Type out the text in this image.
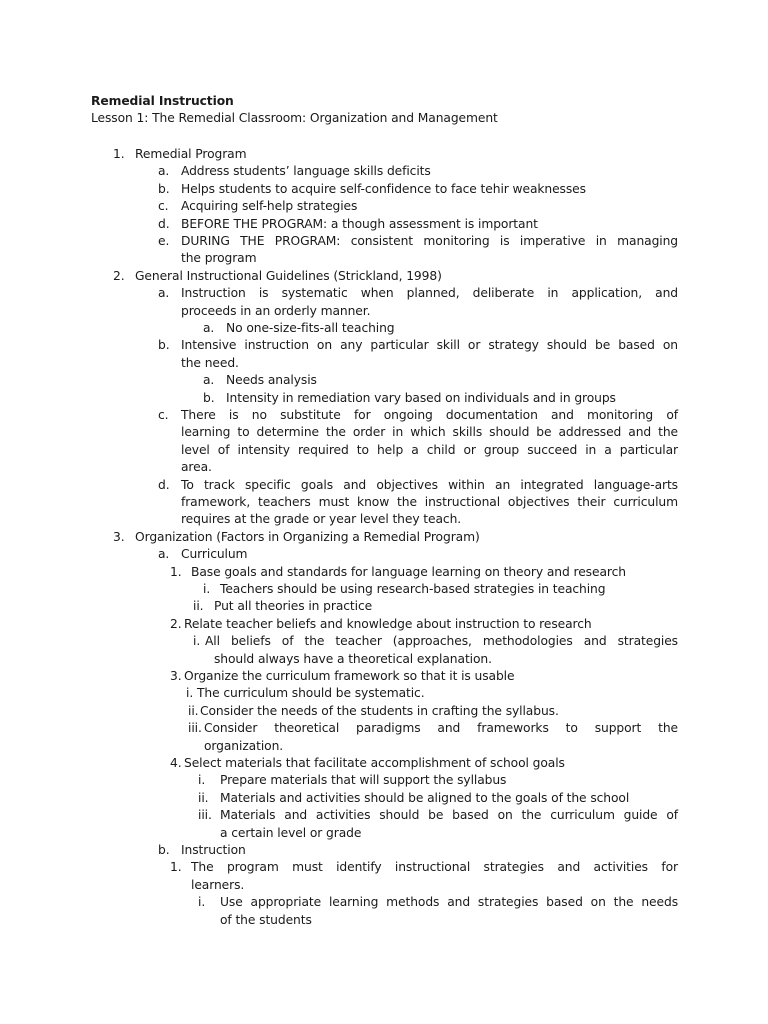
Remedial Instruction
Lesson 1: The Remedial Classroom: Organization and Management
1. Remedial Program
a. Address students’ language skills deficits
b. Helps students to acquire self-confidence to face tehir weaknesses
c. Acquiring self-help strategies
d. BEFORE THE PROGRAM: a though assessment is important
e. DURING THE PROGRAM: consistent monitoring is imperative in managing
the program
2. General Instructional Guidelines (Strickland, 1998)
a. Instruction is systematic when planned, deliberate in application, and
proceeds in an orderly manner.
a. No one-size-fits-all teaching
b. Intensive instruction on any particular skill or strategy should be based on
the need.
a. Needs analysis
b. Intensity in remediation vary based on individuals and in groups
c. There is no substitute for ongoing documentation and monitoring of
learning to determine the order in which skills should be addressed and the
level of intensity required to help a child or group succeed in a particular
area.
d. To track specific goals and objectives within an integrated language-arts
framework, teachers must know the instructional objectives their curriculum
requires at the grade or year level they teach.
3. Organization (Factors in Organizing a Remedial Program)
a. Curriculum
1. Base goals and standards for language learning on theory and research
i. Teachers should be using research-based strategies in teaching
ii. Put all theories in practice
2. Relate teacher beliefs and knowledge about instruction to research
i. All beliefs of the teacher (approaches, methodologies and strategies
should always have a theoretical explanation.
3. Organize the curriculum framework so that it is usable
i. The curriculum should be systematic.
ii. Consider the needs of the students in crafting the syllabus.
iii. Consider theoretical paradigms and frameworks to support the
organization.
4. Select materials that facilitate accomplishment of school goals
i. Prepare materials that will support the syllabus
ii. Materials and activities should be aligned to the goals of the school
iii. Materials and activities should be based on the curriculum guide of
a certain level or grade
b. Instruction
1. The program must identify instructional strategies and activities for
learners.
i. Use appropriate learning methods and strategies based on the needs
of the students
